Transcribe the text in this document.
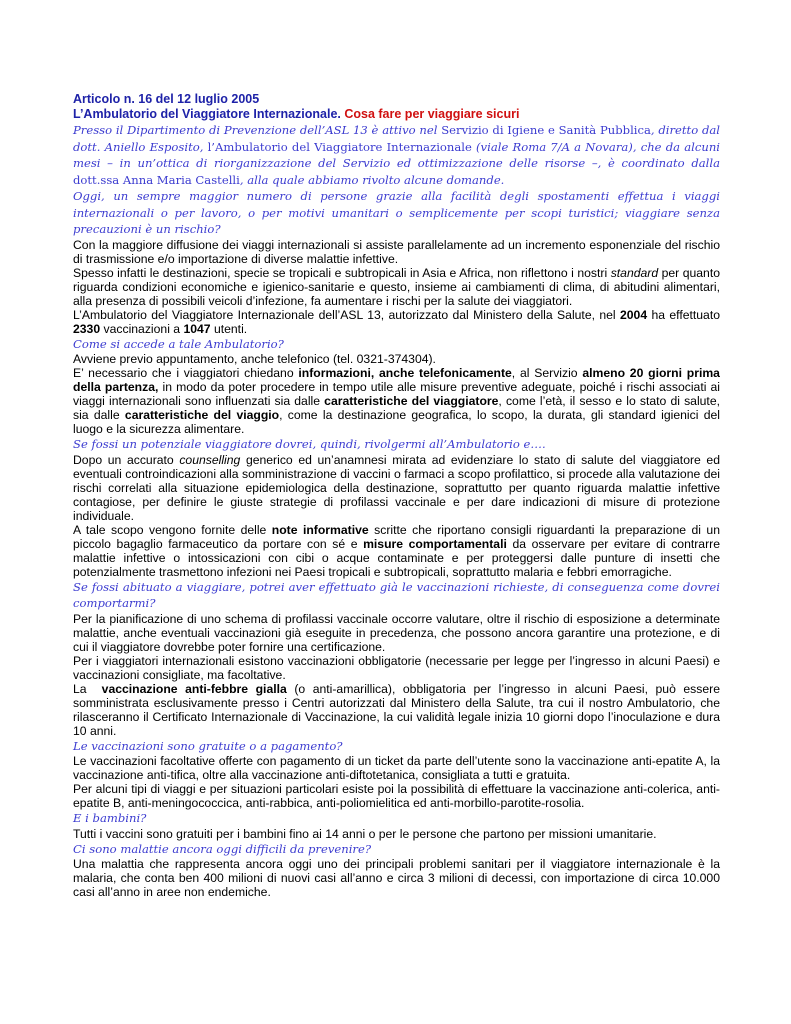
Articolo n. 16 del 12 luglio 2005

L’Ambulatorio del Viaggiatore Internazionale. Cosa fare per viaggiare sicuri

Presso il Dipartimento di Prevenzione dell’ASL 13 è attivo nel Servizio di Igiene e Sanità Pubblica, diretto dal dott. Aniello Esposito, l’Ambulatorio del Viaggiatore Internazionale (viale Roma 7/A a Novara), che da alcuni mesi – in un’ottica di riorganizzazione del Servizio ed ottimizzazione delle risorse –, è coordinato dalla dott.ssa Anna Maria Castelli, alla quale abbiamo rivolto alcune domande.

Oggi, un sempre maggior numero di persone grazie alla facilità degli spostamenti effettua i viaggi internazionali o per lavoro, o per motivi umanitari o semplicemente per scopi turistici; viaggiare senza precauzioni è un rischio?

Con la maggiore diffusione dei viaggi internazionali si assiste parallelamente ad un incremento esponenziale del rischio di trasmissione e/o importazione di diverse malattie infettive.

Spesso infatti le destinazioni, specie se tropicali e subtropicali in Asia e Africa, non riflettono i nostri standard per quanto riguarda condizioni economiche e igienico-sanitarie e questo, insieme ai cambiamenti di clima, di abitudini alimentari, alla presenza di possibili veicoli d’infezione, fa aumentare i rischi per la salute dei viaggiatori.

L’Ambulatorio del Viaggiatore Internazionale dell’ASL 13, autorizzato dal Ministero della Salute, nel 2004 ha effettuato 2330 vaccinazioni a 1047 utenti.

Come si accede a tale Ambulatorio?

Avviene previo appuntamento, anche telefonico (tel. 0321-374304).

E’ necessario che i viaggiatori chiedano informazioni, anche telefonicamente, al Servizio almeno 20 giorni prima della partenza, in modo da poter procedere in tempo utile alle misure preventive adeguate, poiché i rischi associati ai viaggi internazionali sono influenzati sia dalle caratteristiche del viaggiatore, come l’età, il sesso e lo stato di salute, sia dalle caratteristiche del viaggio, come la destinazione geografica, lo scopo, la durata, gli standard igienici del luogo e la sicurezza alimentare.

Se fossi un potenziale viaggiatore dovrei, quindi, rivolgermi all’Ambulatorio e….

Dopo un accurato counselling generico ed un’anamnesi mirata ad evidenziare lo stato di salute del viaggiatore ed eventuali controindicazioni alla somministrazione di vaccini o farmaci a scopo profilattico, si procede alla valutazione dei rischi correlati alla situazione epidemiologica della destinazione, soprattutto per quanto riguarda malattie infettive contagiose, per definire le giuste strategie di profilassi vaccinale e per dare indicazioni di misure di protezione individuale.

A tale scopo vengono fornite delle note informative scritte che riportano consigli riguardanti la preparazione di un piccolo bagaglio farmaceutico da portare con sé e misure comportamentali da osservare per evitare di contrarre malattie infettive o intossicazioni con cibi o acque contaminate e per proteggersi dalle punture di insetti che potenzialmente trasmettono infezioni nei Paesi tropicali e subtropicali, soprattutto malaria e febbri emorragiche.

Se fossi abituato a viaggiare, potrei aver effettuato già le vaccinazioni richieste, di conseguenza come dovrei comportarmi?

Per la pianificazione di uno schema di profilassi vaccinale occorre valutare, oltre il rischio di esposizione a determinate malattie, anche eventuali vaccinazioni già eseguite in precedenza, che possono ancora garantire una protezione, e di cui il viaggiatore dovrebbe poter fornire una certificazione.

Per i viaggiatori internazionali esistono vaccinazioni obbligatorie (necessarie per legge per l’ingresso in alcuni Paesi) e vaccinazioni consigliate, ma facoltative.

La  vaccinazione anti-febbre gialla (o anti-amarillica), obbligatoria per l’ingresso in alcuni Paesi, può essere somministrata esclusivamente presso i Centri autorizzati dal Ministero della Salute, tra cui il nostro Ambulatorio, che rilasceranno il Certificato Internazionale di Vaccinazione, la cui validità legale inizia 10 giorni dopo l’inoculazione e dura 10 anni.

Le vaccinazioni sono gratuite o a pagamento?

Le vaccinazioni facoltative offerte con pagamento di un ticket da parte dell’utente sono la vaccinazione anti-epatite A, la vaccinazione anti-tifica, oltre alla vaccinazione anti-diftotetanica, consigliata a tutti e gratuita.

Per alcuni tipi di viaggi e per situazioni particolari esiste poi la possibilità di effettuare la vaccinazione anti-colerica, anti-epatite B, anti-meningococcica, anti-rabbica, anti-poliomielitica ed anti-morbillo-parotite-rosolia.

E i bambini?

Tutti i vaccini sono gratuiti per i bambini fino ai 14 anni o per le persone che partono per missioni umanitarie.

Ci sono malattie ancora oggi difficili da prevenire?

Una malattia che rappresenta ancora oggi uno dei principali problemi sanitari per il viaggiatore internazionale è la malaria, che conta ben 400 milioni di nuovi casi all’anno e circa 3 milioni di decessi, con importazione di circa 10.000 casi all’anno in aree non endemiche.
